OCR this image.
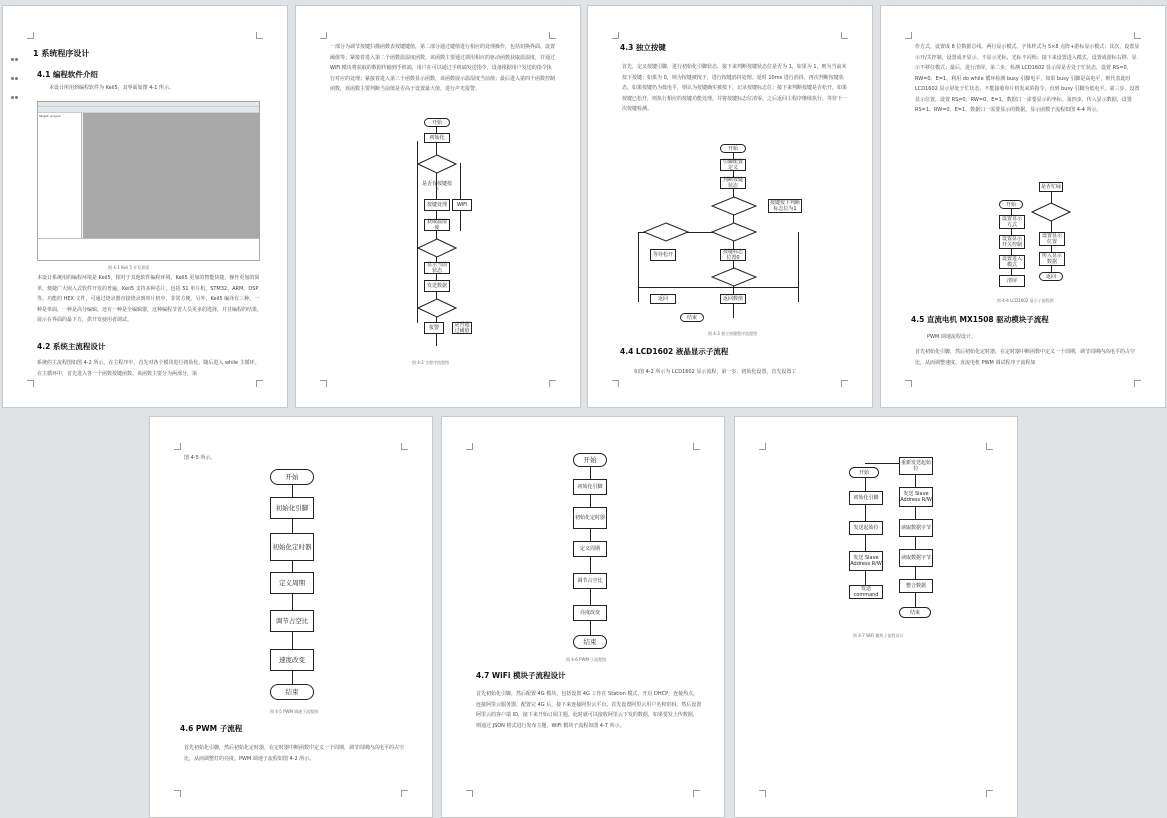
1 系统程序设计
4.1 编程软件介绍
本设计所用到编程软件为 Keil5，其界面如图 4-1 所示。
Target: project
图 4-1 Keil 5 开发界面
本设计系统用的编程环境是 Keil5，相对于其他软件编程环境，Keil5 更加的智能快捷，操作更加的简单，便捷广大嵌入式软件开发的普遍，Keil5 支持多种芯片，包括 51 单片机、STM32、ARM、DSP 等。功能的 HEX 文件，可通过烧录器直接烧录到单片机中，非常方便。另外，Keil5 编译有三种，一种是单面，一种是高分编辑，还有一种是全编辑器，这种编程节省人员更多的选择，并且编程的结果，展示在界面的最下方，供开发使用者调试。
4.2 系统主流程设计
系统的主流程图如图 4-2 所示。在主程序中，首先对各个模块进行初始化，随后进入 while 主循环。在主循环中，首先进入各一个函数按键函数。该函数主要分为两部分，第
一部分为调节按键扫描函数表按键键值，第二部分通过键值进行相应的处理操作，包括切换界面、设置阈值等；紧接着进入第二个函数温湿度函数，该函数主要通过调用相应的驱动函数获取温湿度，并通过 WiFi 模块将获取的数据传输到手机端，用户在可以通过手机端发送指令，设备根据用户发送的指令执行对应的处理；紧接着进入第三个函数显示函数，该函数展示温湿度当前值；最后进入第四个函数控制函数，该函数主要判断当前值是否高于设置最大值，进行声光报警。
开始
初始化
是否有按键按下
按键处理
获取温湿度
显示当前状态
发送数据
报警	是否超过阈值
WiFi
图 4-2 主程序流程图
4.3 独立按键
首先，定义按键引脚，进行初始化引脚状态，接下来判断按键状态位是否为 1，如果为 1，则为当前未按下按键；如果为 0，则为按键被按下，进行按键消抖处理。延时 10ms 进行消抖，再次判断按键状态，如果按键仍为低电平，则认为按键确实被按下，记录按键标志位；接下来判断按键是否松开，如果按键已松开，则执行相应的按键功能处理，并将按键标志位清零。之后返回主程序继续执行，等待下一次按键检测。
开始
引脚配置定义
判断按键状态
按键按下判断标志位为1
按键标志位置0
等待松开
返回	返回数值
结束
图 4-3 独立按键程序流程图
4.4 LCD1602 液晶显示子流程
如图 4-2 所示为 LCD1602 显示流程，第一步，初始化设置，首先设置工
作方式，设置成 8 位数据总线、两行显示模式、字体样式为 5×8 点阵+游标显示模式；其次，设置显示开/关控制，设置成开显示、不显示光标、光标不闪烁；接下来设置进入模式，设置成游标右移、显示不移位模式；最后，进行清屏。第二步，检测 LCD1602 显示屏是否处于忙状态，设置 RS=0、RW=0、E=1，利用 do while 循环检测 busy 引脚电平，如果 busy 引脚是高电平，则代表此时 LCD1602 显示屏处于忙状态，不能接收单片机发来的指令，直到 busy 引脚为低电平。第三步，设置显示位置，设置 RS=0、RW=0、E=1，数据口一需要显示的坐标。第四步，传入显示数据，设置 RS=1、RW=0、E=1，数据口一需要显示的数据。显示函数子流程如图 4-4 所示。
开始
设置显示方式
设置显示开关控制
设置进入模式
清屏
是否忙碌
设置显示位置
传入显示数据
返回
图 4-4 LCD1602 显示子流程图
4.5 直流电机 MX1508 驱动模块子流程
PWM 调速流程设计。
首先初始化引脚，然后初始化定时器，在定时器中断函数中定义一个周期，调节周期内高电平的占空比，从而调整速度。直流电机 PWM 调试程序子流程如
图 4-5 所示。
开始
初始化引脚
初始化定时器
定义周期
调节占空比
速度改变
结束
图 4-5 PWM 调速子流程图
4.6 PWM 子流程
首先初始化引脚，然后初始化定时器，在定时器中断函数中定义一个周期，调节周期内高电平的占空比，从而调整灯的亮度。PWM 调速子流程如图 4-2 所示。
开始
初始化引脚
初始化定时器
定义周期
调节占空比
亮度改变
结束
图 4-6 PWM 子流程图
4.7 WiFi 模块子流程设计
首先初始化引脚，然后配置 4G 模块，包括设置 4G 工作在 Station 模式，开启 DHCP，连接热点，连接阿里云服务器，配置完 4G 后，接下来连接阿里云平台。首先设置阿里云用户名和密码，然后设置阿里云的客户端 ID，接下来开始订阅主题，此时就可以接收阿里云下发的数据，如果要发上传数据，则通过 JSON 格式进行发布主题，WiFi 模块子流程如图 4-7 所示。
开始
初始化引脚
发送起始位
发送 Slave Address R/W
发送 command
重新发送起始位
发送 Slave Address R/W
读取数据字节
读取数据字节
整合数据
结束
图 4-7 WiFi 模块子流程设计
